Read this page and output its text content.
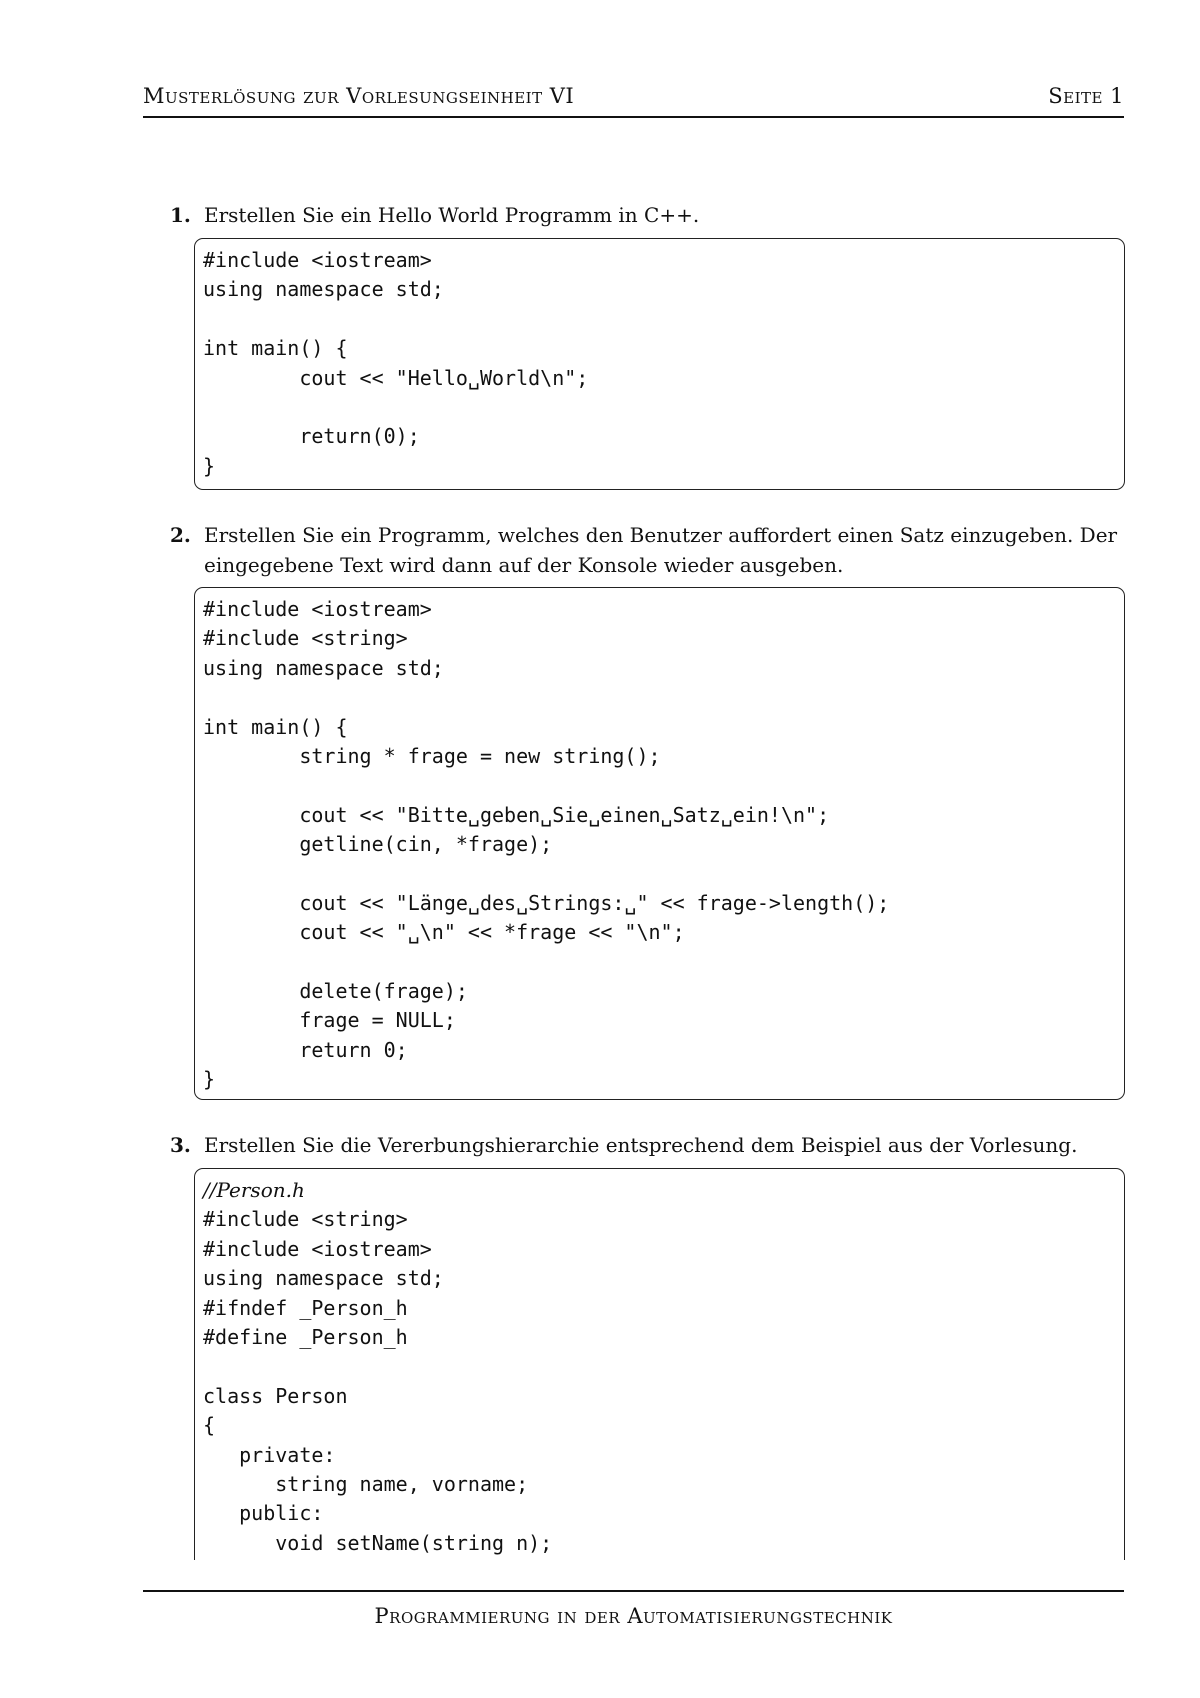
Musterlösung zur Vorlesungseinheit VI	Seite 1
1. Erstellen Sie ein Hello World Programm in C++.
#include <iostream>
using namespace std;
int main() {
cout << "Hello␣World\n";
return(0);
}
2. Erstellen Sie ein Programm, welches den Benutzer auffordert einen Satz einzugeben. Der eingegebene Text wird dann auf der Konsole wieder ausgeben.
#include <iostream>
#include <string>
using namespace std;
int main() {
string * frage = new string();
cout << "Bitte␣geben␣Sie␣einen␣Satz␣ein!\n";
getline(cin, *frage);
cout << "Länge␣des␣Strings:␣" << frage->length();
cout << "␣\n" << *frage << "\n";
delete(frage);
frage = NULL;
return 0;
}
3. Erstellen Sie die Vererbungshierarchie entsprechend dem Beispiel aus der Vorlesung.
//Person.h
#include <string>
#include <iostream>
using namespace std;
#ifndef _Person_h
#define _Person_h
class Person
{
private:
string name, vorname;
public:
void setName(string n);
Programmierung in der Automatisierungstechnik
